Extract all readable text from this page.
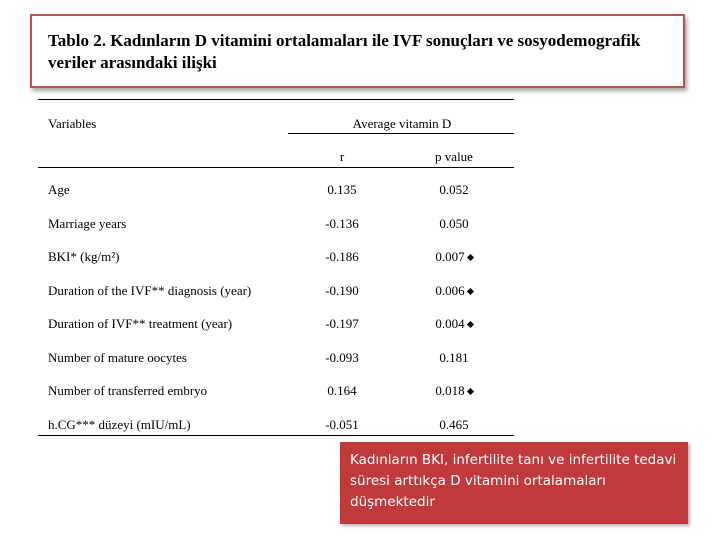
Tablo 2. Kadınların D vitamini ortalamaları ile IVF sonuçları ve sosyodemografik veriler arasındaki ilişki
Variables	Average vitamin D
r	p value
Age	0.135	0.052
Marriage years	-0.136	0.050
BKI* (kg/m²)	-0.186	0.007
Duration of the IVF** diagnosis (year)	-0.190	0.006
Duration of IVF** treatment (year)	-0.197	0.004
Number of mature oocytes	-0.093	0.181
Number of transferred embryo	0.164	0.018
h.CG*** düzeyi (mIU/mL)	-0.051	0.465
Kadınların BKI, infertilite tanı ve infertilite tedavi süresi arttıkça D vitamini ortalamaları düşmektedir
